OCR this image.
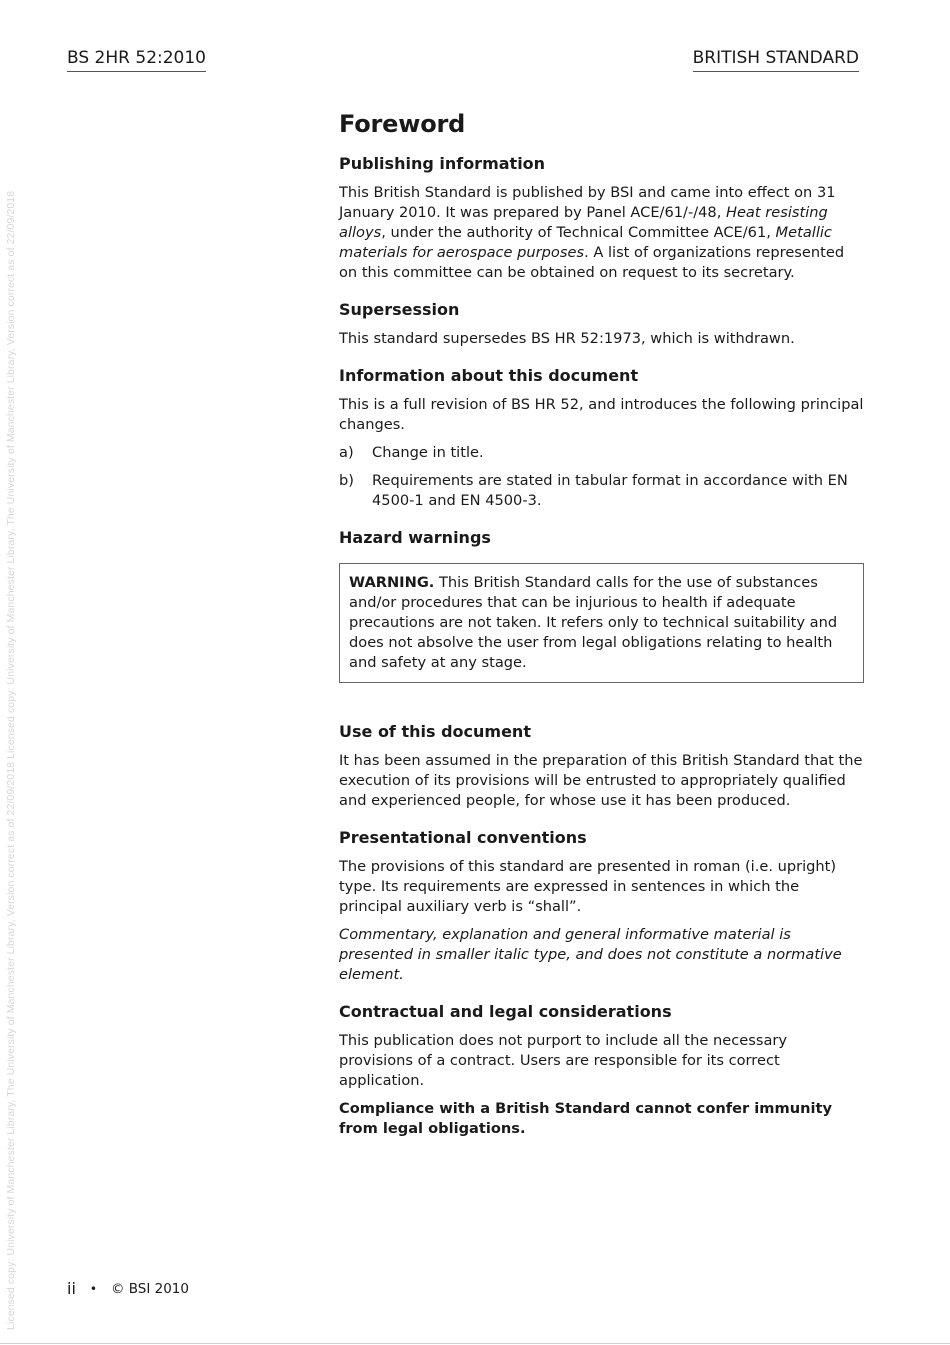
Licensed copy: University of Manchester Library, The University of Manchester Library, Version correct as of 22/09/2018 Licensed copy: University of Manchester Library, The University of Manchester Library, Version correct as of 22/09/2018
BS 2HR 52:2010	BRITISH STANDARD
Foreword
Publishing information

This British Standard is published by BSI and came into effect on 31 January 2010. It was prepared by Panel ACE/61/-/48, Heat resisting alloys, under the authority of Technical Committee ACE/61, Metallic materials for aerospace purposes. A list of organizations represented on this committee can be obtained on request to its secretary.

Supersession

This standard supersedes BS HR 52:1973, which is withdrawn.

Information about this document

This is a full revision of BS HR 52, and introduces the following principal changes.

a)	Change in title.
b)	Requirements are stated in tabular format in accordance with EN 4500-1 and EN 4500-3.
Hazard warnings

WARNING. This British Standard calls for the use of substances and/or procedures that can be injurious to health if adequate precautions are not taken. It refers only to technical suitability and does not absolve the user from legal obligations relating to health and safety at any stage.

Use of this document

It has been assumed in the preparation of this British Standard that the execution of its provisions will be entrusted to appropriately qualified and experienced people, for whose use it has been produced.

Presentational conventions

The provisions of this standard are presented in roman (i.e. upright) type. Its requirements are expressed in sentences in which the principal auxiliary verb is “shall”.

Commentary, explanation and general informative material is presented in smaller italic type, and does not constitute a normative element.

Contractual and legal considerations

This publication does not purport to include all the necessary provisions of a contract. Users are responsible for its correct application.

Compliance with a British Standard cannot confer immunity from legal obligations.

ii • © BSI 2010
